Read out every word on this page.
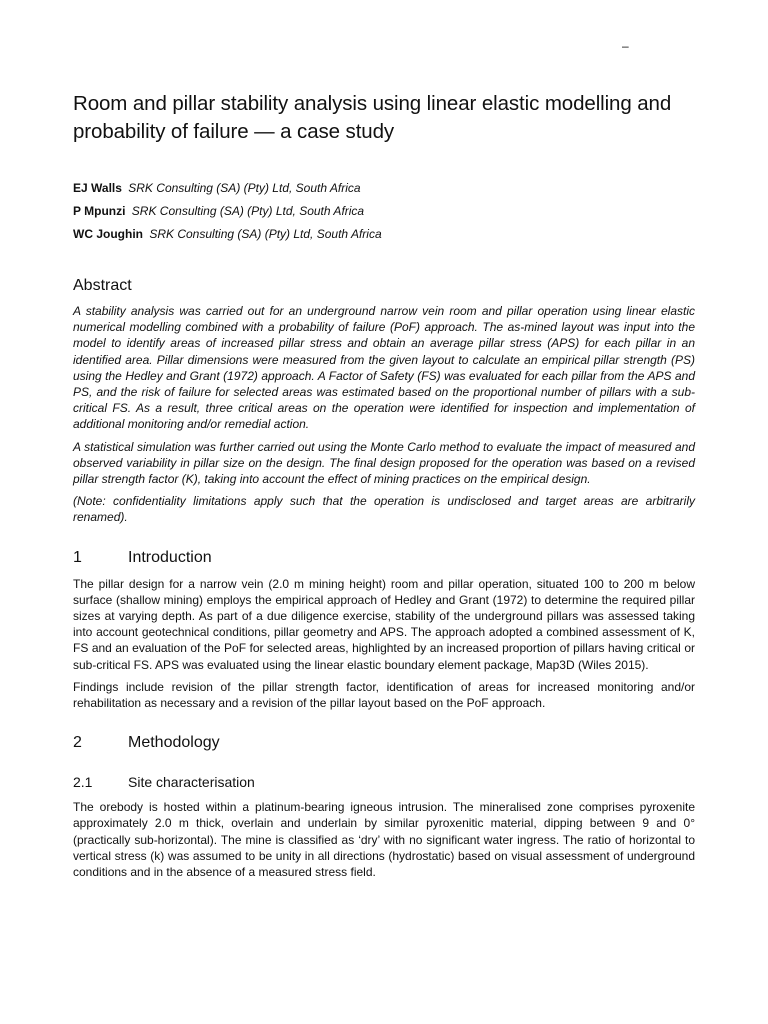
–
Room and pillar stability analysis using linear elastic modelling and probability of failure — a case study
EJ Walls SRK Consulting (SA) (Pty) Ltd, South Africa
P Mpunzi SRK Consulting (SA) (Pty) Ltd, South Africa
WC Joughin SRK Consulting (SA) (Pty) Ltd, South Africa
Abstract

A stability analysis was carried out for an underground narrow vein room and pillar operation using linear elastic numerical modelling combined with a probability of failure (PoF) approach. The as-mined layout was input into the model to identify areas of increased pillar stress and obtain an average pillar stress (APS) for each pillar in an identified area. Pillar dimensions were measured from the given layout to calculate an empirical pillar strength (PS) using the Hedley and Grant (1972) approach. A Factor of Safety (FS) was evaluated for each pillar from the APS and PS, and the risk of failure for selected areas was estimated based on the proportional number of pillars with a sub-critical FS. As a result, three critical areas on the operation were identified for inspection and implementation of additional monitoring and/or remedial action.

A statistical simulation was further carried out using the Monte Carlo method to evaluate the impact of measured and observed variability in pillar size on the design. The final design proposed for the operation was based on a revised pillar strength factor (K), taking into account the effect of mining practices on the empirical design.

(Note: confidentiality limitations apply such that the operation is undisclosed and target areas are arbitrarily renamed).

1	Introduction

The pillar design for a narrow vein (2.0 m mining height) room and pillar operation, situated 100 to 200 m below surface (shallow mining) employs the empirical approach of Hedley and Grant (1972) to determine the required pillar sizes at varying depth. As part of a due diligence exercise, stability of the underground pillars was assessed taking into account geotechnical conditions, pillar geometry and APS. The approach adopted a combined assessment of K, FS and an evaluation of the PoF for selected areas, highlighted by an increased proportion of pillars having critical or sub-critical FS. APS was evaluated using the linear elastic boundary element package, Map3D (Wiles 2015).

Findings include revision of the pillar strength factor, identification of areas for increased monitoring and/or rehabilitation as necessary and a revision of the pillar layout based on the PoF approach.

2	Methodology
2.1	Site characterisation

The orebody is hosted within a platinum-bearing igneous intrusion. The mineralised zone comprises pyroxenite approximately 2.0 m thick, overlain and underlain by similar pyroxenitic material, dipping between 9 and 0° (practically sub-horizontal). The mine is classified as ‘dry’ with no significant water ingress. The ratio of horizontal to vertical stress (k) was assumed to be unity in all directions (hydrostatic) based on visual assessment of underground conditions and in the absence of a measured stress field.
